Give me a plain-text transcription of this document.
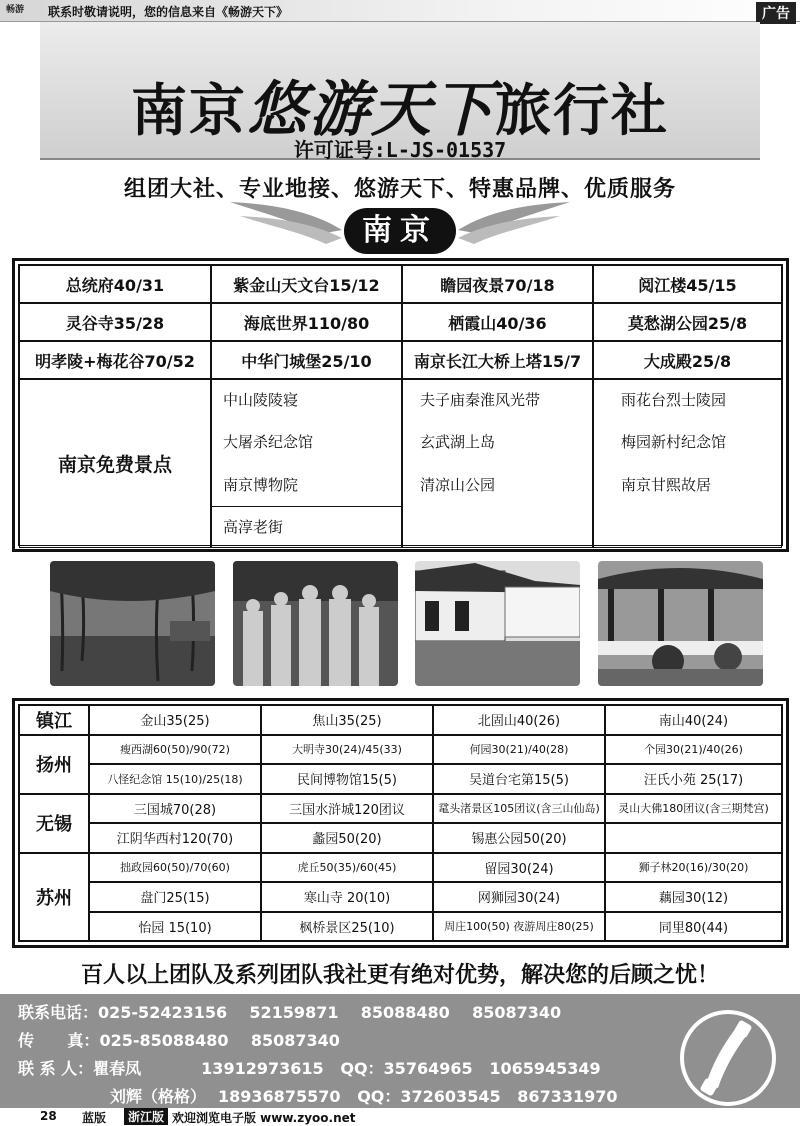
畅游 联系时敬请说明，您的信息来自《畅游天下》	广告
南京悠游天下旅行社
许可证号:L-JS-01537
组团大社、专业地接、悠游天下、特惠品牌、优质服务
南京
总统府40/31	紫金山天文台15/12	瞻园夜景70/18	阅江楼45/15
灵谷寺35/28	海底世界110/80	栖霞山40/36	莫愁湖公园25/8
明孝陵+梅花谷70/52	中华门城堡25/10	南京长江大桥上塔15/7	大成殿25/8
南京免费景点
中山陵陵寝	夫子庙秦淮风光带	雨花台烈士陵园
大屠杀纪念馆	玄武湖上岛	梅园新村纪念馆
南京博物院	清凉山公园	南京甘熙故居
高淳老街
镇江	金山35(25)	焦山35(25)	北固山40(26)	南山40(24)
扬州
瘦西湖60(50)/90(72)	大明寺30(24)/45(33)	何园30(21)/40(28)	个园30(21)/40(26)
八怪纪念馆 15(10)/25(18)	民间博物馆15(5)	吴道台宅第15(5)	汪氏小苑 25(17)
无锡
三国城70(28)	三国水浒城120团议	鼋头渚景区105团议(含三山仙岛)	灵山大佛180团议(含三期梵宫)
江阴华西村120(70)	蠡园50(20)	锡惠公园50(20)
苏州
拙政园60(50)/70(60)	虎丘50(35)/60(45)	留园30(24)	狮子林20(16)/30(20)
盘门25(15)	寒山寺 20(10)	网狮园30(24)	藕园30(12)
怡园 15(10)	枫桥景区25(10)	周庄100(50) 夜游周庄80(25)	同里80(44)
百人以上团队及系列团队我社更有绝对优势，解决您的后顾之忧！
联系电话：025-52423156    52159871    85088480    85087340
传      真：025-85088480    85087340
联 系 人：瞿春凤	13912973615   QQ：35764965   1065945349
刘辉（格格） 18936875570   QQ：372603545   867331970
28 蓝版	浙江版 欢迎浏览电子版 www.zyoo.net
